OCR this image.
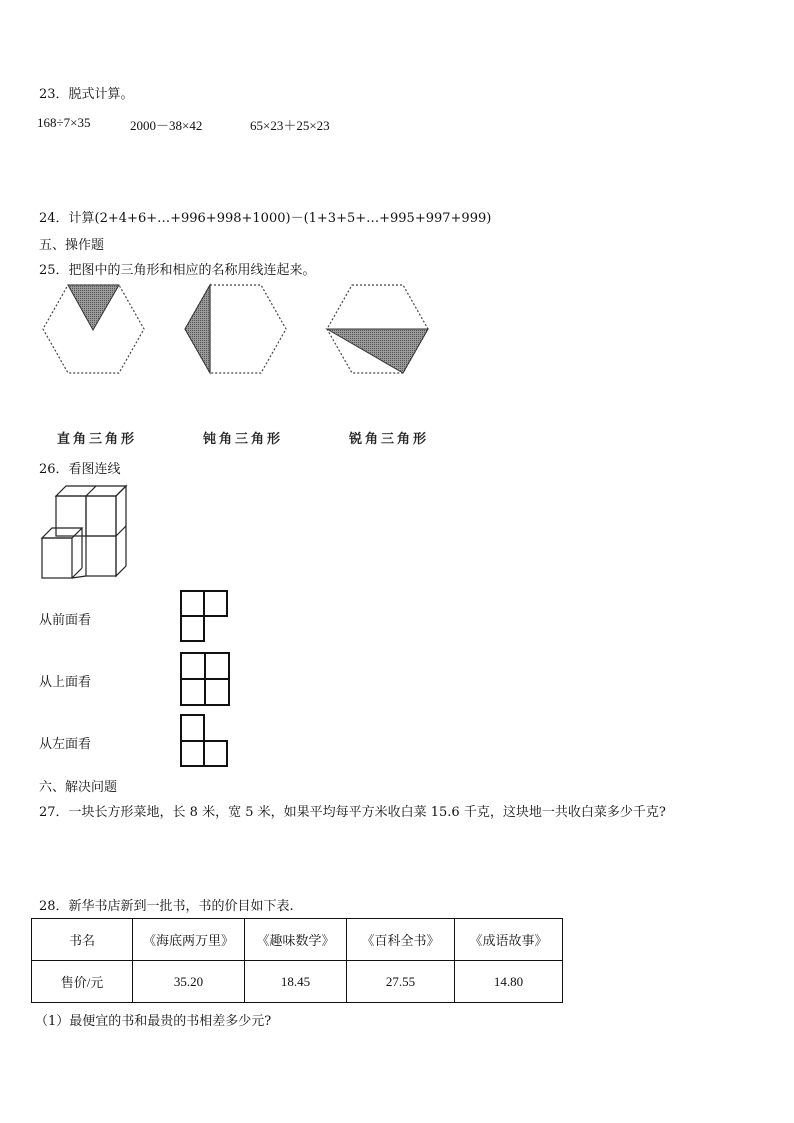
23．脱式计算。
168÷7×35	2000－38×42	65×23＋25×23
24．计算(2+4+6+…+996+998+1000)－(1+3+5+…+995+997+999)
五、操作题
25．把图中的三角形和相应的名称用线连起来。
直角三角形	钝角三角形	锐角三角形
26．看图连线
从前面看
从上面看
从左面看
六、解决问题
27．一块长方形菜地，长 8 米，宽 5 米，如果平均每平方米收白菜 15.6 千克，这块地一共收白菜多少千克?
28．新华书店新到一批书，书的价目如下表.
书名	《海底两万里》	《趣味数学》	《百科全书》	《成语故事》
售价/元	35.20	18.45	27.55	14.80
（1）最便宜的书和最贵的书相差多少元?
